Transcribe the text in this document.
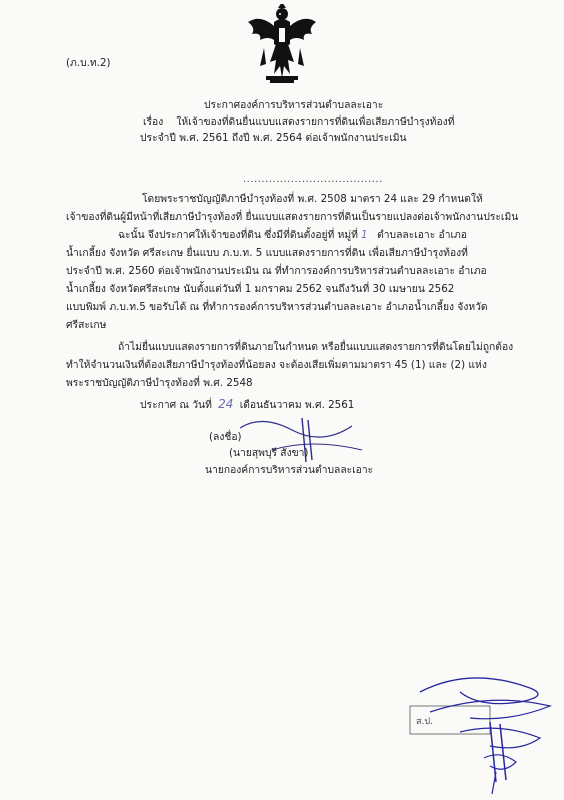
(ภ.บ.ท.2)
ประกาศองค์การบริหารส่วนตำบลละเอาะ
เรื่อง ให้เจ้าของที่ดินยื่นแบบแสดงรายการที่ดินเพื่อเสียภาษีบำรุงท้องที่
ประจำปี พ.ศ. 2561 ถึงปี พ.ศ. 2564 ต่อเจ้าพนักงานประเมิน
......................................
โดยพระราชบัญญัติภาษีบำรุงท้องที่ พ.ศ. 2508 มาตรา 24 และ 29 กำหนดให้
เจ้าของที่ดินผู้มีหน้าที่เสียภาษีบำรุงท้องที่ ยื่นแบบแสดงรายการที่ดินเป็นรายแปลงต่อเจ้าพนักงานประเมิน
ฉะนั้น จึงประกาศให้เจ้าของที่ดิน ซึ่งมีที่ดินตั้งอยู่ที่ หมู่ที่ 1 ตำบลละเอาะ อำเภอ
น้ำเกลี้ยง จังหวัด ศรีสะเกษ ยื่นแบบ ภ.บ.ท. 5 แบบแสดงรายการที่ดิน เพื่อเสียภาษีบำรุงท้องที่
ประจำปี พ.ศ. 2560 ต่อเจ้าพนักงานประเมิน ณ ที่ทำการองค์การบริหารส่วนตำบลละเอาะ อำเภอ
น้ำเกลี้ยง จังหวัดศรีสะเกษ นับตั้งแต่วันที่ 1 มกราคม 2562 จนถึงวันที่ 30 เมษายน 2562
แบบพิมพ์ ภ.บ.ท.5 ขอรับได้ ณ ที่ทำการองค์การบริหารส่วนตำบลละเอาะ อำเภอน้ำเกลี้ยง จังหวัด
ศรีสะเกษ
ถ้าไม่ยื่นแบบแสดงรายการที่ดินภายในกำหนด หรือยื่นแบบแสดงรายการที่ดินโดยไม่ถูกต้อง
ทำให้จำนวนเงินที่ต้องเสียภาษีบำรุงท้องที่น้อยลง จะต้องเสียเพิ่มตามมาตรา 45 (1) และ (2) แห่ง
พระราชบัญญัติภาษีบำรุงท้องที่ พ.ศ. 2548
ประกาศ ณ วันที่ 24 เดือนธันวาคม พ.ศ. 2561
(ลงชื่อ)
(นายสุพบุรี สังขา)
นายกองค์การบริหารส่วนตำบลละเอาะ
ส.ป.
